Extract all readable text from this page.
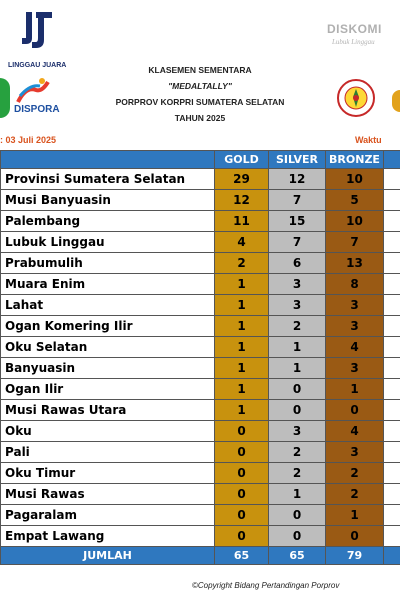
LINGGAU JUARA
DISPORA
KLASEMEN SEMENTARA
"MEDALTALLY"
PORPROV KORPRI SUMATERA SELATAN
TAHUN 2025
DISKOMI
Lubuk Linggau
: 03 Juli 2025	Waktu
	GOLD	SILVER	BRONZE	
Provinsi Sumatera Selatan	29	12	10	
Musi Banyuasin	12	7	5	
Palembang	11	15	10	
Lubuk Linggau	4	7	7	
Prabumulih	2	6	13	
Muara Enim	1	3	8	
Lahat	1	3	3	
Ogan Komering Ilir	1	2	3	
Oku Selatan	1	1	4	
Banyuasin	1	1	3	
Ogan Ilir	1	0	1	
Musi Rawas Utara	1	0	0	
Oku	0	3	4	
Pali	0	2	3	
Oku Timur	0	2	2	
Musi Rawas	0	1	2	
Pagaralam	0	0	1	
Empat Lawang	0	0	0	
JUMLAH	65	65	79	
©Copyright Bidang Pertandingan Porprov
